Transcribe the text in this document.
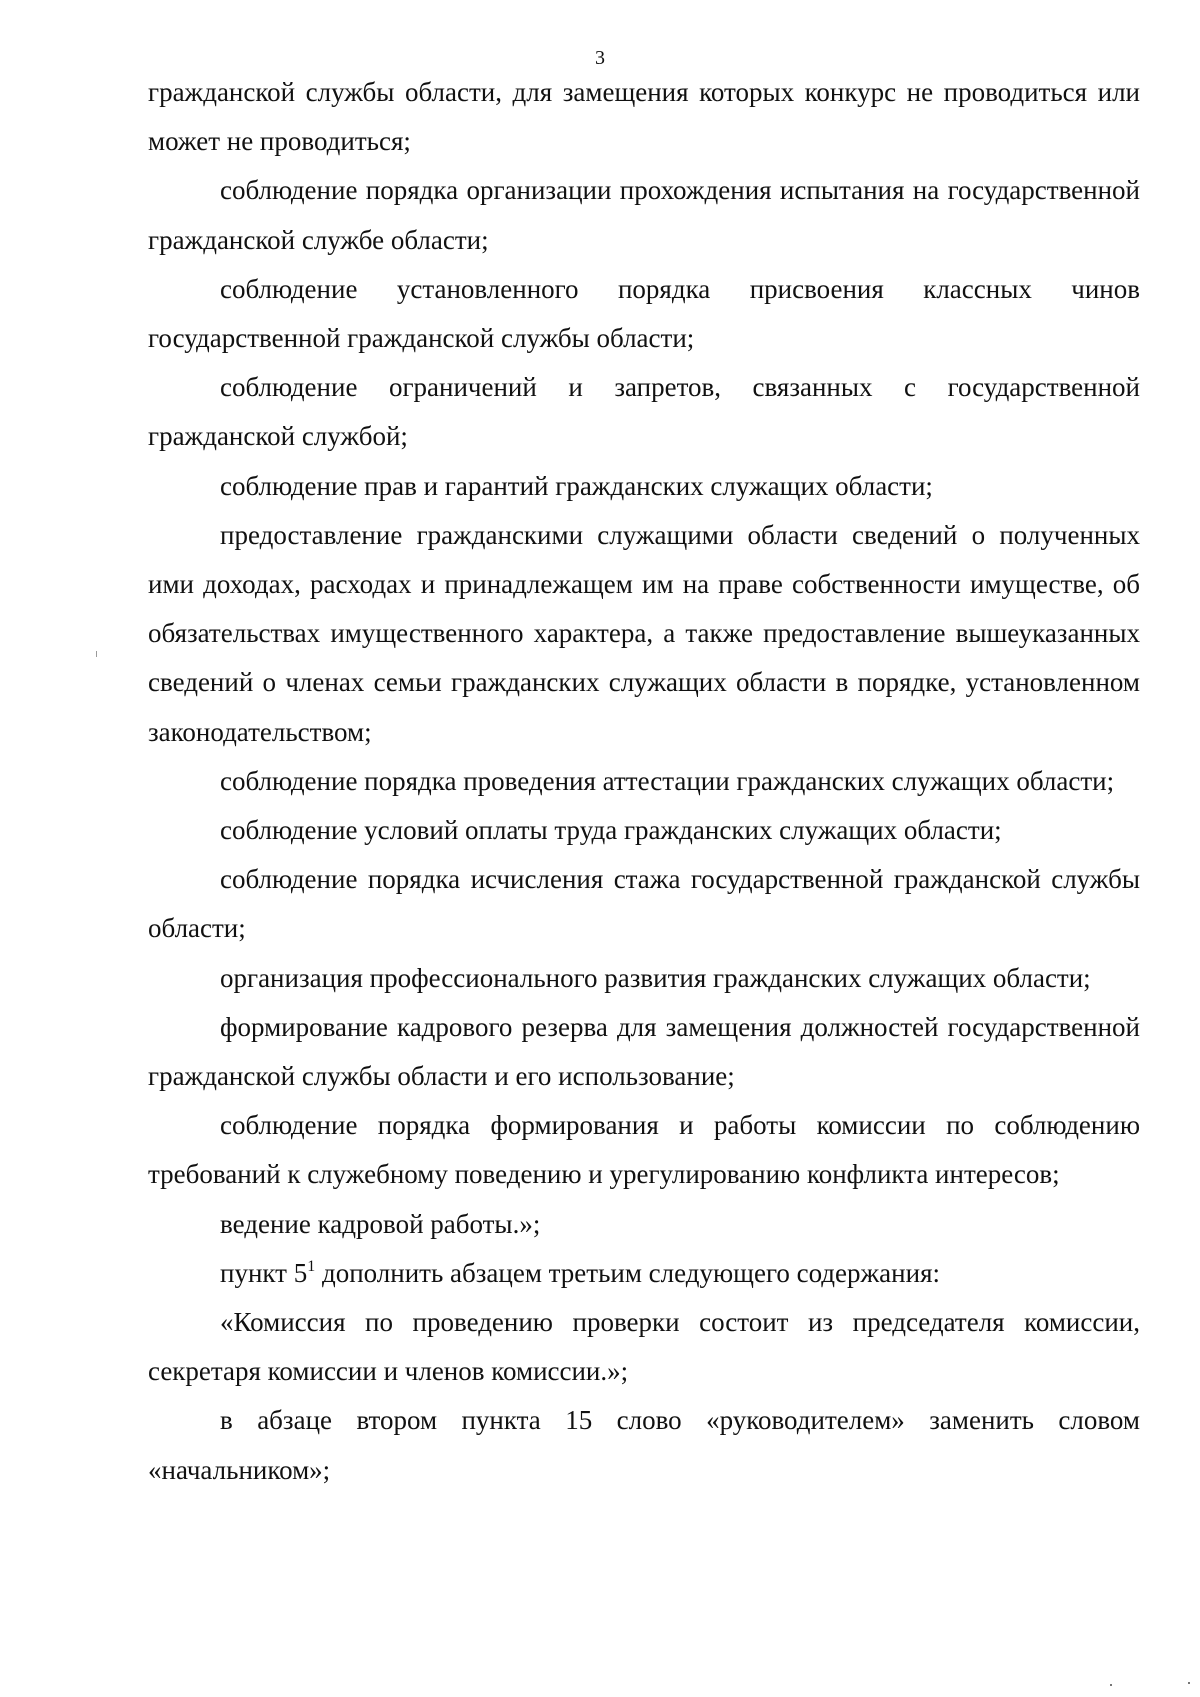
3

гражданской службы области, для замещения которых конкурс не проводиться или может не проводиться;

соблюдение порядка организации прохождения испытания на государственной гражданской службе области;

соблюдение установленного порядка присвоения классных чинов государственной гражданской службы области;

соблюдение ограничений и запретов, связанных с государственной гражданской службой;

соблюдение прав и гарантий гражданских служащих области;

предоставление гражданскими служащими области сведений о полученных ими доходах, расходах и принадлежащем им на праве собственности имуществе, об обязательствах имущественного характера, а также предоставление вышеуказанных сведений о членах семьи гражданских служащих области в порядке, установленном законодательством;

соблюдение порядка проведения аттестации гражданских служащих области;

соблюдение условий оплаты труда гражданских служащих области;

соблюдение порядка исчисления стажа государственной гражданской службы области;

организация профессионального развития гражданских служащих области;

формирование кадрового резерва для замещения должностей государственной гражданской службы области и его использование;

соблюдение порядка формирования и работы комиссии по соблюдению требований к служебному поведению и урегулированию конфликта интересов;

ведение кадровой работы.»;

пункт $5^1$ дополнить абзацем третьим следующего содержания:

«Комиссия по проведению проверки состоит из председателя комиссии, секретаря комиссии и членов комиссии.»;

в абзаце втором пункта 15 слово «руководителем» заменить словом «начальником»;
